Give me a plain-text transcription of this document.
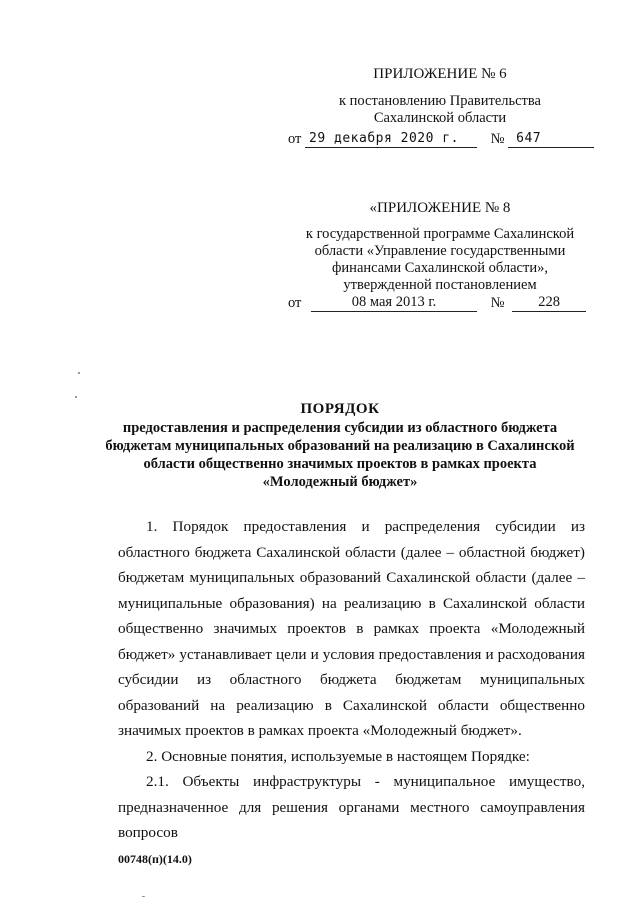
ПРИЛОЖЕНИЕ № 6
к постановлению Правительства
Сахалинской области
от 29 декабря 2020 г. № 647
«ПРИЛОЖЕНИЕ № 8
к государственной программе Сахалинской
области «Управление государственными
финансами Сахалинской области»,
утвержденной постановлением
от	08 мая 2013 г.	№ 228
ПОРЯДОК
предоставления и распределения субсидии из областного бюджета
бюджетам муниципальных образований на реализацию в Сахалинской
области общественно значимых проектов в рамках проекта
«Молодежный бюджет»

1. Порядок предоставления и распределения субсидии из областного бюджета Сахалинской области (далее – областной бюджет) бюджетам муниципальных образований Сахалинской области (далее – муниципальные образования) на реализацию в Сахалинской области общественно значимых проектов в рамках проекта «Молодежный бюджет» устанавливает цели и условия предоставления и расходования субсидии из областного бюджета бюджетам муниципальных образований на реализацию в Сахалинской области общественно значимых проектов в рамках проекта «Молодежный бюджет».

2. Основные понятия, используемые в настоящем Порядке:

2.1. Объекты инфраструктуры - муниципальное имущество, предназначенное для решения органами местного самоуправления вопросов

00748(п)(14.0)
